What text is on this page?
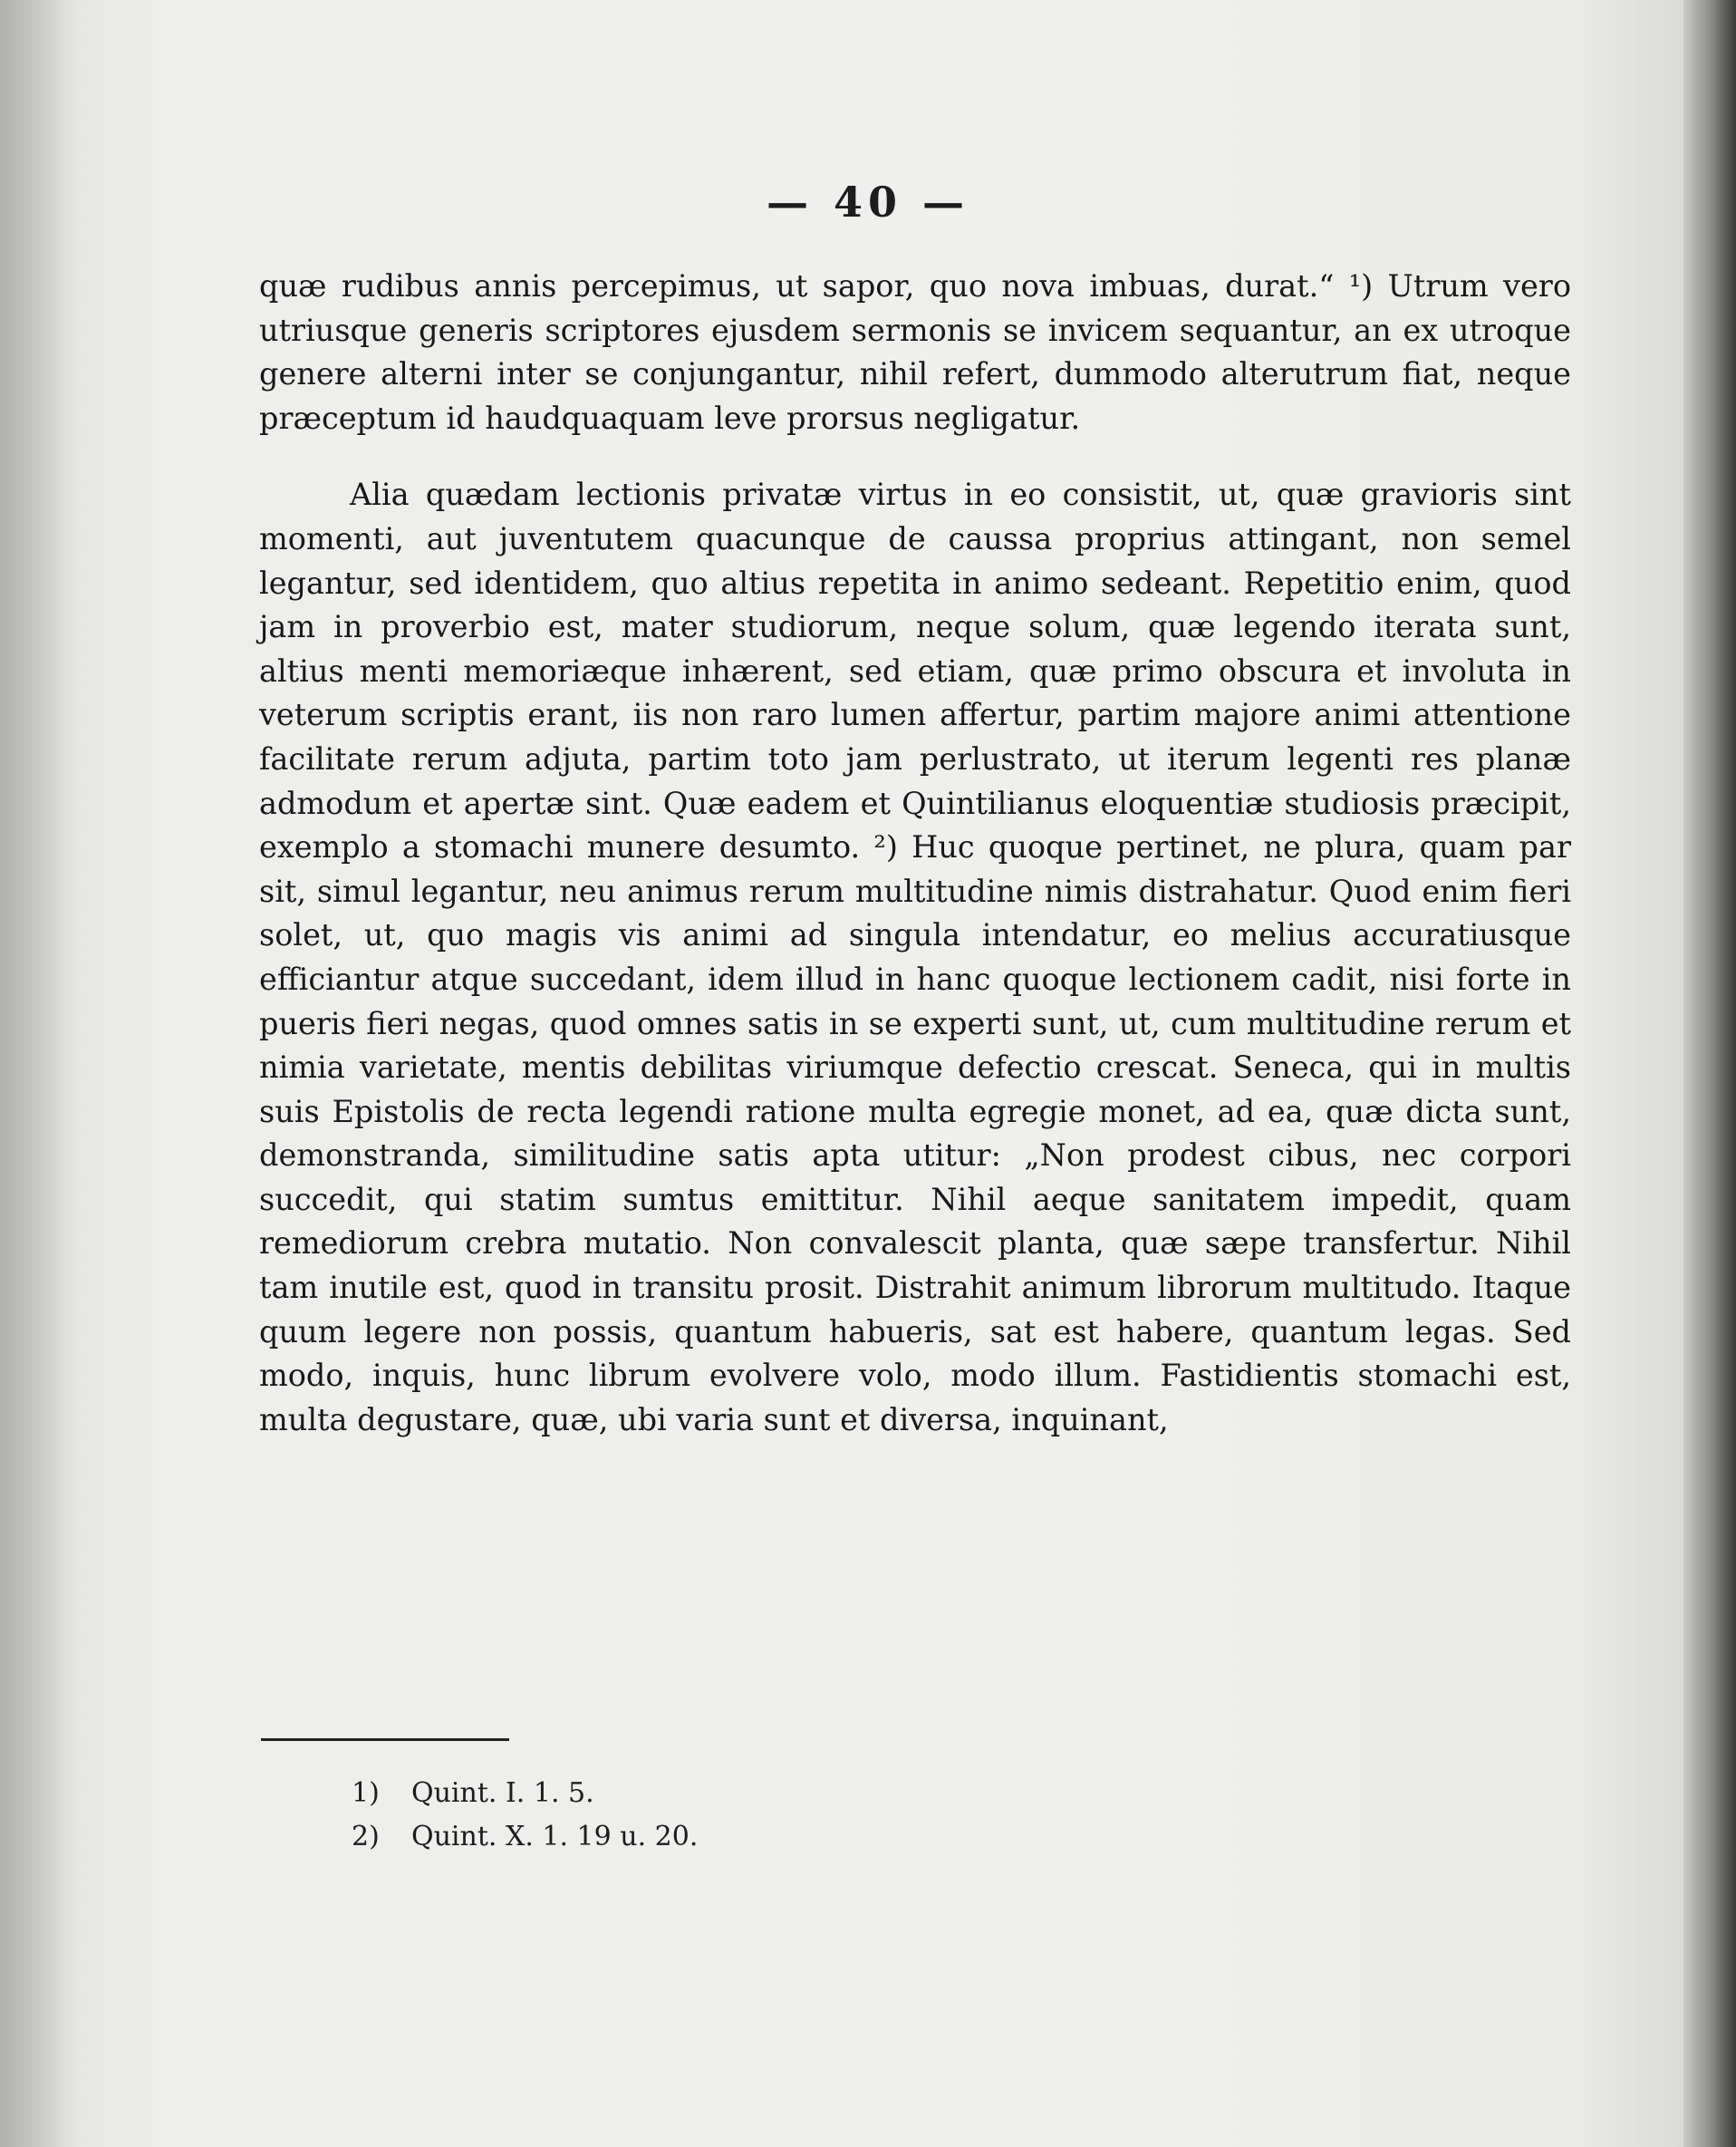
— 40 —

quæ rudibus annis percepimus, ut sapor, quo nova imbuas, durat.“ ¹) Utrum vero utriusque generis scriptores ejusdem sermonis se invicem sequantur, an ex utroque genere alterni inter se conjungantur, nihil refert, dummodo alterutrum fiat, neque præceptum id haudquaquam leve prorsus negligatur.

Alia quædam lectionis privatæ virtus in eo consistit, ut, quæ gravioris sint momenti, aut juventutem quacunque de caussa proprius attingant, non semel legantur, sed identidem, quo altius repetita in animo sedeant. Repetitio enim, quod jam in proverbio est, mater studiorum, neque solum, quæ legendo iterata sunt, altius menti memoriæque inhærent, sed etiam, quæ primo obscura et involuta in veterum scriptis erant, iis non raro lumen affertur, partim majore animi attentione facilitate rerum adjuta, partim toto jam perlustrato, ut iterum legenti res planæ admodum et apertæ sint. Quæ eadem et Quintilianus eloquentiæ studiosis præcipit, exemplo a stomachi munere desumto. ²) Huc quoque pertinet, ne plura, quam par sit, simul legantur, neu animus rerum multitudine nimis distrahatur. Quod enim fieri solet, ut, quo magis vis animi ad singula intendatur, eo melius accuratiusque efficiantur atque succedant, idem illud in hanc quoque lectionem cadit, nisi forte in pueris fieri negas, quod omnes satis in se experti sunt, ut, cum multitudine rerum et nimia varietate, mentis debilitas viriumque defectio crescat. Seneca, qui in multis suis Epistolis de recta legendi ratione multa egregie monet, ad ea, quæ dicta sunt, demonstranda, similitudine satis apta utitur: „Non prodest cibus, nec corpori succedit, qui statim sumtus emittitur. Nihil aeque sanitatem impedit, quam remediorum crebra mutatio. Non convalescit planta, quæ sæpe transfertur. Nihil tam inutile est, quod in transitu prosit. Distrahit animum librorum multitudo. Itaque quum legere non possis, quantum habueris, sat est habere, quantum legas. Sed modo, inquis, hunc librum evolvere volo, modo illum. Fastidientis stomachi est, multa degustare, quæ, ubi varia sunt et diversa, inquinant,

1) Quint. I. 1. 5.
2) Quint. X. 1. 19 u. 20.
